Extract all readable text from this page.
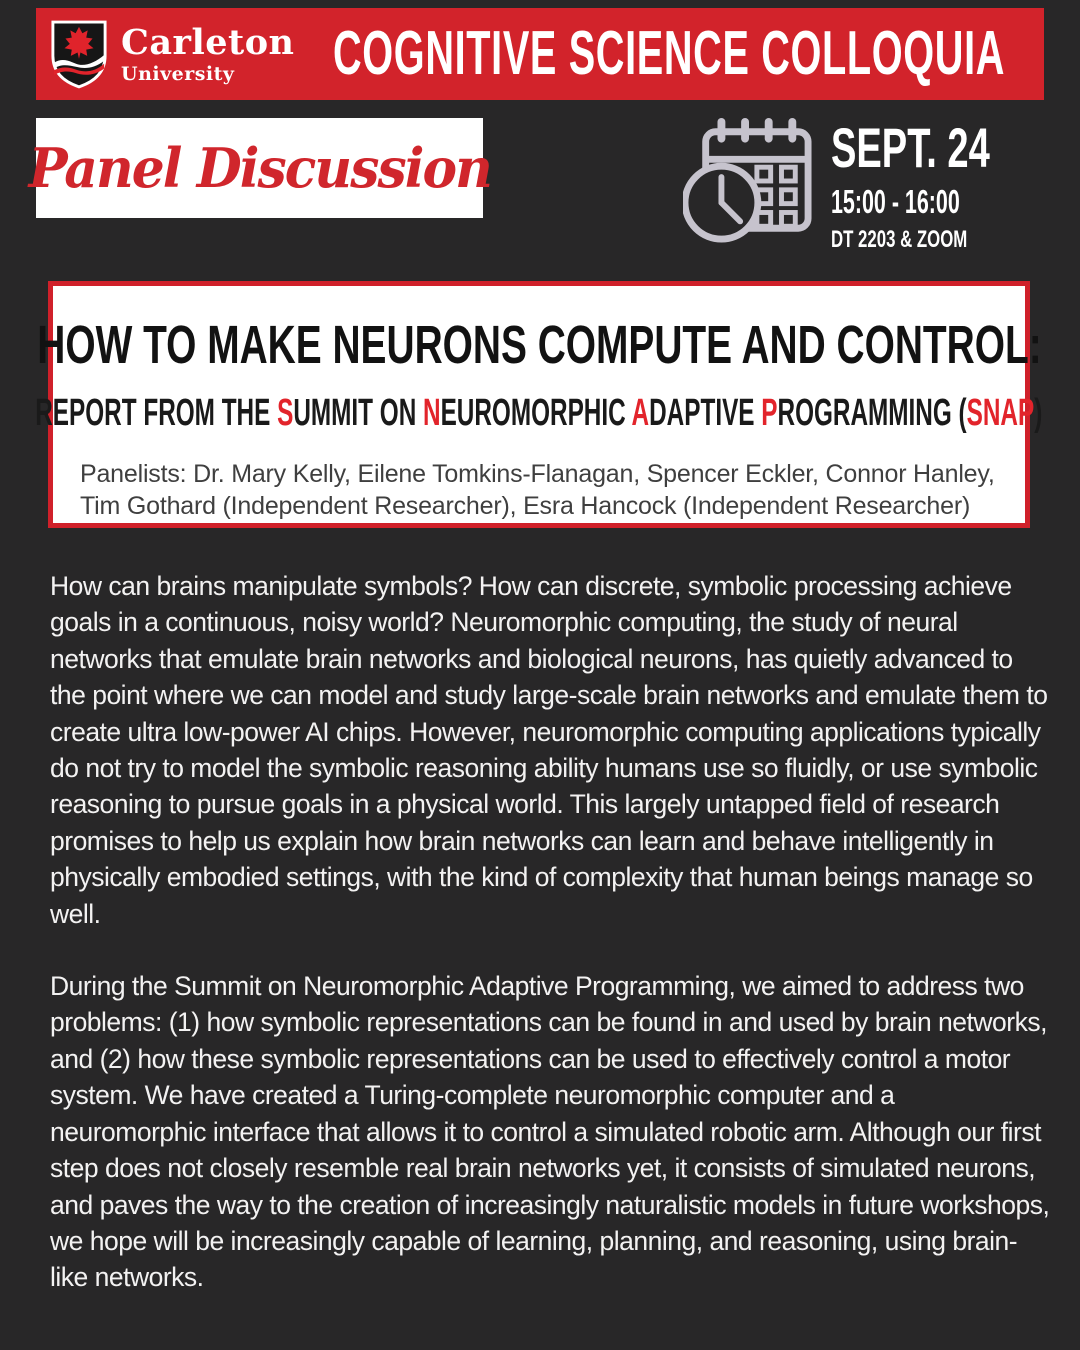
Carleton
University	COGNITIVE SCIENCE COLLOQUIA
Panel Discussion	SEPT. 24
15:00 - 16:00
DT 2203 & ZOOM
HOW TO MAKE NEURONS COMPUTE AND CONTROL:
REPORT FROM THE SUMMIT ON NEUROMORPHIC ADAPTIVE PROGRAMMING (SNAP)
Panelists: Dr. Mary Kelly, Eilene Tomkins-Flanagan, Spencer Eckler, Connor Hanley, Tim Gothard (Independent Researcher), Esra Hancock (Independent Researcher)

How can brains manipulate symbols? How can discrete, symbolic processing achieve goals in a continuous, noisy world? Neuromorphic computing, the study of neural networks that emulate brain networks and biological neurons, has quietly advanced to the point where we can model and study large-scale brain networks and emulate them to create ultra low-power AI chips. However, neuromorphic computing applications typically do not try to model the symbolic reasoning ability humans use so fluidly, or use symbolic reasoning to pursue goals in a physical world. This largely untapped field of research promises to help us explain how brain networks can learn and behave intelligently in physically embodied settings, with the kind of complexity that human beings manage so well.

During the Summit on Neuromorphic Adaptive Programming, we aimed to address two problems: (1) how symbolic representations can be found in and used by brain networks, and (2) how these symbolic representations can be used to effectively control a motor system. We have created a Turing-complete neuromorphic computer and a neuromorphic interface that allows it to control a simulated robotic arm. Although our first step does not closely resemble real brain networks yet, it consists of simulated neurons, and paves the way to the creation of increasingly naturalistic models in future workshops, we hope will be increasingly capable of learning, planning, and reasoning, using brain-like networks.
